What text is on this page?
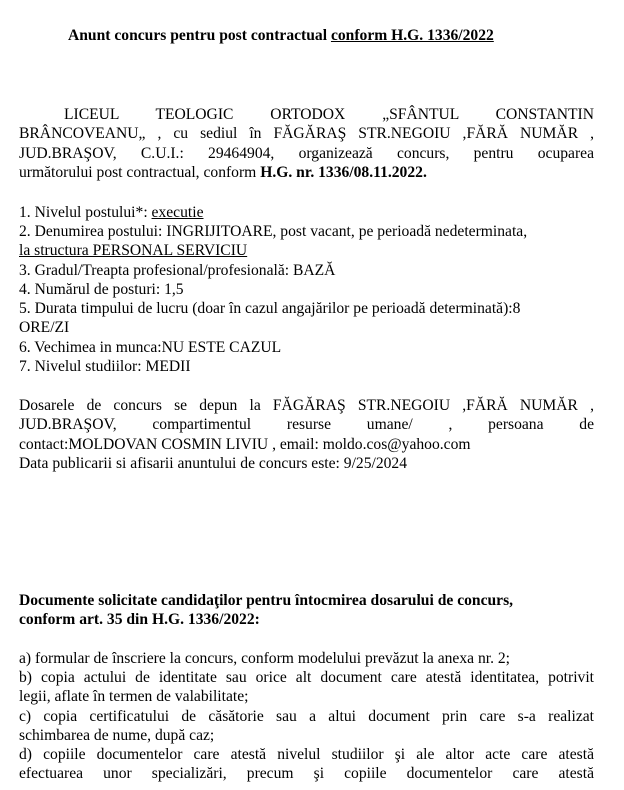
Anunt concurs pentru post contractual conform H.G. 1336/2022
LICEUL TEOLOGIC ORTODOX „SFÂNTUL CONSTANTIN
BRÂNCOVEANU„ , cu sediul în FĂGĂRAŞ STR.NEGOIU ,FĂRĂ NUMĂR ,
JUD.BRAŞOV, C.U.I.: 29464904, organizează concurs, pentru ocuparea
următorului post contractual, conform H.G. nr. 1336/08.11.2022.
1. Nivelul postului*: executie
2. Denumirea postului: INGRIJITOARE, post vacant, pe perioadă nedeterminata,
la structura PERSONAL SERVICIU
3. Gradul/Treapta profesional/profesională: BAZĂ
4. Numărul de posturi: 1,5
5. Durata timpului de lucru (doar în cazul angajărilor pe perioadă determinată):8
ORE/ZI
6. Vechimea in munca:NU ESTE CAZUL
7. Nivelul studiilor: MEDII
Dosarele de concurs se depun la FĂGĂRAŞ STR.NEGOIU ,FĂRĂ NUMĂR ,
JUD.BRAŞOV, compartimentul resurse umane/ , persoana de
contact:MOLDOVAN COSMIN LIVIU , email: moldo.cos@yahoo.com
Data publicarii si afisarii anuntului de concurs este: 9/25/2024
Documente solicitate candidaţilor pentru întocmirea dosarului de concurs,
conform art. 35 din H.G. 1336/2022:
a) formular de înscriere la concurs, conform modelului prevăzut la anexa nr. 2;
b) copia actului de identitate sau orice alt document care atestă identitatea, potrivit
legii, aflate în termen de valabilitate;
c) copia certificatului de căsătorie sau a altui document prin care s-a realizat
schimbarea de nume, după caz;
d) copiile documentelor care atestă nivelul studiilor şi ale altor acte care atestă
efectuarea unor specializări, precum şi copiile documentelor care atestă
